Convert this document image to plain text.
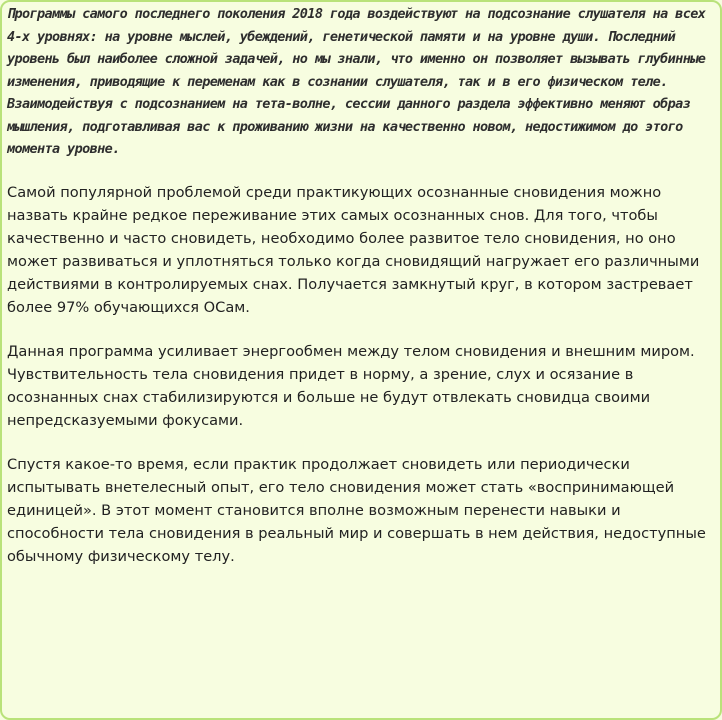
Программы самого последнего поколения 2018 года воздействуют на подсознание слушателя на всех 4-х уровнях: на уровне мыслей, убеждений, генетической памяти и на уровне души. Последний уровень был наиболее сложной задачей, но мы знали, что именно он позволяет вызывать глубинные изменения, приводящие к переменам как в сознании слушателя, так и в его физическом теле. Взаимодействуя с подсознанием на тета-волне, сессии данного раздела эффективно меняют образ мышления, подготавливая вас к проживанию жизни на качественно новом, недостижимом до этого момента уровне.

Самой популярной проблемой среди практикующих осознанные сновидения можно назвать крайне редкое переживание этих самых осознанных снов. Для того, чтобы качественно и часто сновидеть, необходимо более развитое тело сновидения, но оно может развиваться и уплотняться только когда сновидящий нагружает его различными действиями в контролируемых снах. Получается замкнутый круг, в котором застревает более 97% обучающихся ОСам.

Данная программа усиливает энергообмен между телом сновидения и внешним миром. Чувствительность тела сновидения придет в норму, а зрение, слух и осязание в осознанных снах стабилизируются и больше не будут отвлекать сновидца своими непредсказуемыми фокусами.

Спустя какое-то время, если практик продолжает сновидеть или периодически испытывать внетелесный опыт, его тело сновидения может стать «воспринимающей единицей». В этот момент становится вполне возможным перенести навыки и способности тела сновидения в реальный мир и совершать в нем действия, недоступные обычному физическому телу.
